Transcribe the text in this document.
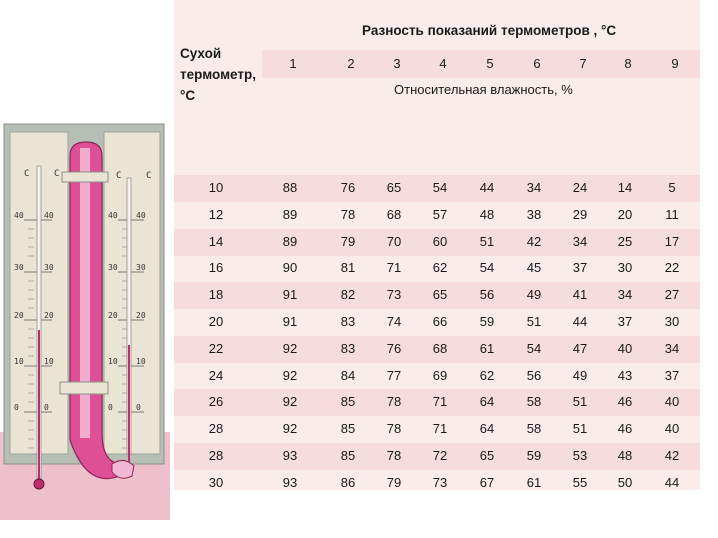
Разность показаний термометров , °C
Сухой
термометр,
°C	Относительная влажность, %
1	2	3	4	5	6	7	8	9
10	88	76	65	54	44	34	24	14	5
12	89	78	68	57	48	38	29	20	11
14	89	79	70	60	51	42	34	25	17
16	90	81	71	62	54	45	37	30	22
18	91	82	73	65	56	49	41	34	27
20	91	83	74	66	59	51	44	37	30
22	92	83	76	68	61	54	47	40	34
24	92	84	77	69	62	56	49	43	37
26	92	85	78	71	64	58	51	46	40
28	92	85	78	71	64	58	51	46	40
28	93	85	78	72	65	59	53	48	42
30	93	86	79	73	67	61	55	50	44
C	C	C	C
40	40	40 40
30	30	30 30
20	20	20 20
10	10	10 10
0	0	0	0
